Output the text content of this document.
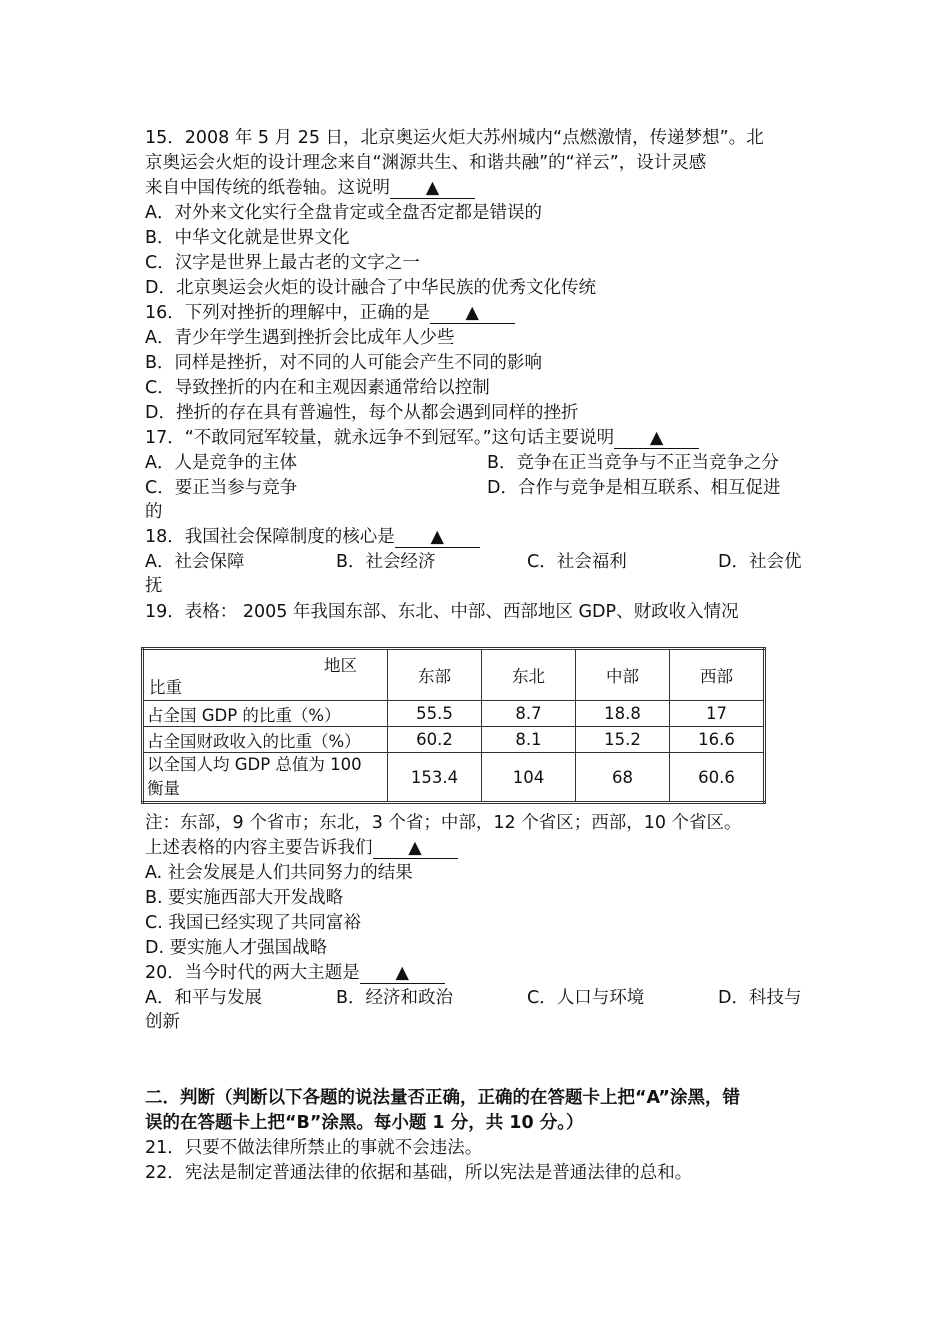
15．2008 年 5 月 25 日，北京奥运火炬大苏州城内“点燃激情，传递梦想”。北
京奥运会火炬的设计理念来自“渊源共生、和谐共融”的“祥云”，设计灵感
来自中国传统的纸卷轴。这说明 ▲
A．对外来文化实行全盘肯定或全盘否定都是错误的
B．中华文化就是世界文化
C．汉字是世界上最古老的文字之一
D．北京奥运会火炬的设计融合了中华民族的优秀文化传统
16．下列对挫折的理解中，正确的是 ▲
A．青少年学生遇到挫折会比成年人少些
B．同样是挫折，对不同的人可能会产生不同的影响
C．导致挫折的内在和主观因素通常给以控制
D．挫折的存在具有普遍性，每个从都会遇到同样的挫折
17．“不敢同冠军较量，就永远争不到冠军。”这句话主要说明 ▲
A．人是竞争的主体	B．竞争在正当竞争与不正当竞争之分
C．要正当参与竞争	D．合作与竞争是相互联系、相互促进
的
18．我国社会保障制度的核心是 ▲
A．社会保障	B．社会经济	C．社会福利	D．社会优
抚
19．表格： 2005 年我国东部、东北、中部、西部地区 GDP、财政收入情况
地区
比重	东部	东北	中部	西部
占全国 GDP 的比重（%）	55.5	8.7	18.8	17
占全国财政收入的比重（%）	60.2	8.1	15.2	16.6

以全国人均 GDP 总值为 100
衡量	153.4	104	68	60.6
注：东部，9 个省市；东北，3 个省；中部，12 个省区；西部，10 个省区。
上述表格的内容主要告诉我们 ▲
A. 社会发展是人们共同努力的结果
B. 要实施西部大开发战略
C. 我国已经实现了共同富裕
D. 要实施人才强国战略
20．当今时代的两大主题是 ▲
A．和平与发展	B．经济和政治	C．人口与环境	D．科技与
创新
二．判断（判断以下各题的说法量否正确，正确的在答题卡上把“A”涂黑，错
误的在答题卡上把“B”涂黑。每小题 1 分，共 10 分。）
21．只要不做法律所禁止的事就不会违法。
22．宪法是制定普通法律的依据和基础，所以宪法是普通法律的总和。
